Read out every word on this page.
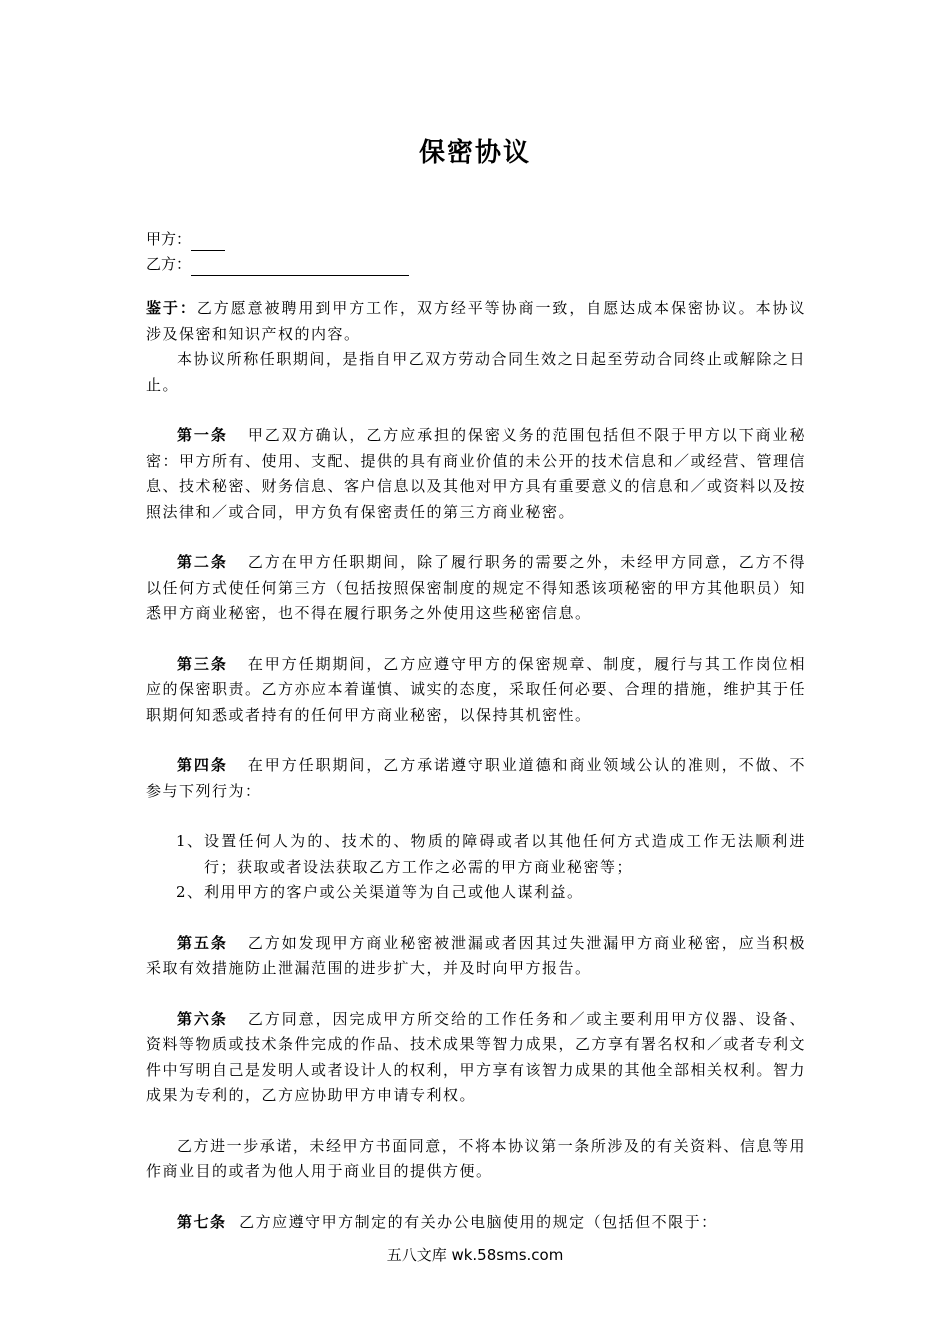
保密协议
甲方：
乙方：

鉴于：乙方愿意被聘用到甲方工作，双方经平等协商一致，自愿达成本保密协议。本协议涉及保密和知识产权的内容。

本协议所称任职期间，是指自甲乙双方劳动合同生效之日起至劳动合同终止或解除之日止。

第一条 甲乙双方确认，乙方应承担的保密义务的范围包括但不限于甲方以下商业秘密：甲方所有、使用、支配、提供的具有商业价值的未公开的技术信息和／或经营、管理信息、技术秘密、财务信息、客户信息以及其他对甲方具有重要意义的信息和／或资料以及按照法律和／或合同，甲方负有保密责任的第三方商业秘密。

第二条 乙方在甲方任职期间，除了履行职务的需要之外，未经甲方同意，乙方不得以任何方式使任何第三方（包括按照保密制度的规定不得知悉该项秘密的甲方其他职员）知悉甲方商业秘密，也不得在履行职务之外使用这些秘密信息。

第三条 在甲方任期期间，乙方应遵守甲方的保密规章、制度，履行与其工作岗位相应的保密职责。乙方亦应本着谨慎、诚实的态度，采取任何必要、合理的措施，维护其于任职期何知悉或者持有的任何甲方商业秘密，以保持其机密性。

第四条 在甲方任职期间，乙方承诺遵守职业道德和商业领域公认的准则，不做、不参与下列行为：

1、 设置任何人为的、技术的、物质的障碍或者以其他任何方式造成工作无法顺利进行；获取或者设法获取乙方工作之必需的甲方商业秘密等；
2、 利用甲方的客户或公关渠道等为自己或他人谋利益。

第五条 乙方如发现甲方商业秘密被泄漏或者因其过失泄漏甲方商业秘密，应当积极采取有效措施防止泄漏范围的进步扩大，并及时向甲方报告。

第六条 乙方同意，因完成甲方所交给的工作任务和／或主要利用甲方仪器、设备、资料等物质或技术条件完成的作品、技术成果等智力成果，乙方享有署名权和／或者专利文件中写明自己是发明人或者设计人的权利，甲方享有该智力成果的其他全部相关权利。智力成果为专利的，乙方应协助甲方申请专利权。

乙方进一步承诺，未经甲方书面同意，不将本协议第一条所涉及的有关资料、信息等用作商业目的或者为他人用于商业目的提供方便。

第七条 乙方应遵守甲方制定的有关办公电脑使用的规定（包括但不限于：

五八文库 wk.58sms.com
